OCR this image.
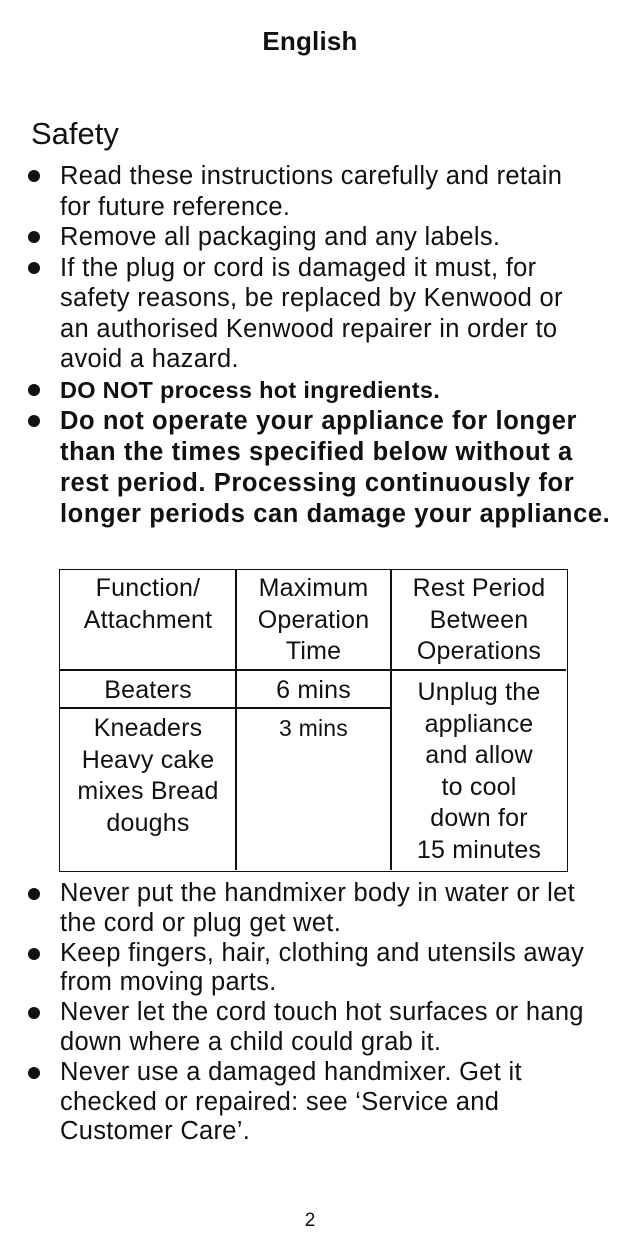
English
Safety
Read these instructions carefully and retain for future reference.
Remove all packaging and any labels.
If the plug or cord is damaged it must, for safety reasons, be replaced by Kenwood or an authorised Kenwood repairer in order to avoid a hazard.
DO NOT process hot ingredients.
Do not operate your appliance for longer than the times specified below without a rest period. Processing continuously for longer periods can damage your appliance.
Function/ Attachment
Maximum Operation Time
Rest Period Between Operations
Beaters	6 mins
Kneaders Heavy cake mixes Bread doughs
3 mins
Unplug the appliance and allow to cool down for 15 minutes
Never put the handmixer body in water or let the cord or plug get wet.
Keep fingers, hair, clothing and utensils away from moving parts.
Never let the cord touch hot surfaces or hang down where a child could grab it.
Never use a damaged handmixer. Get it checked or repaired: see ‘Service and Customer Care’.
2
